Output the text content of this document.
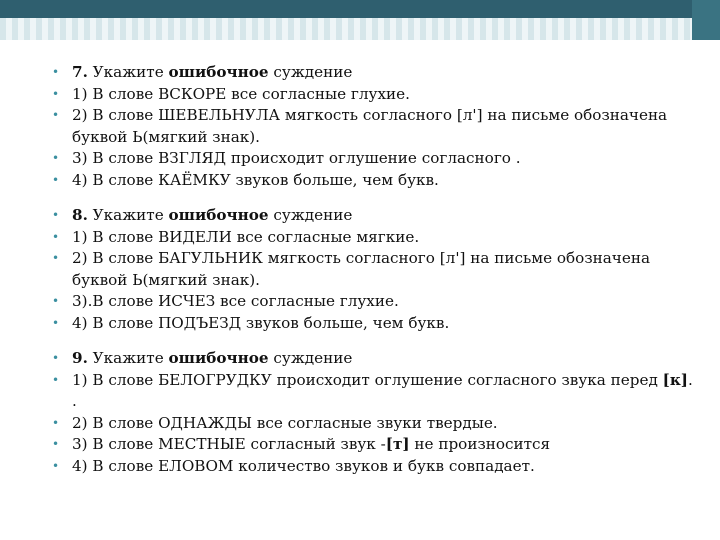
• 7. Укажите ошибочное суждение
• 1) В слове ВСКОРЕ все согласные глухие.
• 2) В слове ШЕВЕЛЬНУЛА мягкость согласного [л'] на письме обозначена буквой Ь(мягкий знак).
• 3) В слове ВЗГЛЯД происходит оглушение согласного .
• 4) В слове КАЁМКУ звуков больше, чем букв.
• 8. Укажите ошибочное суждение
• 1) В слове ВИДЕЛИ все согласные мягкие.
• 2) В слове БАГУЛЬНИК мягкость согласного [л'] на письме обозначена буквой Ь(мягкий знак).
• 3).В слове ИСЧЕЗ все согласные глухие.
• 4) В слове ПОДЪЕЗД звуков больше, чем букв.
• 9. Укажите ошибочное суждение
• 1) В слове БЕЛОГРУДКУ происходит оглушение согласного звука перед [к]. .
• 2) В слове ОДНАЖДЫ все согласные звуки твердые.
• 3) В слове МЕСТНЫЕ согласный звук -[т] не произносится
• 4) В слове ЕЛОВОМ количество звуков и букв совпадает.
